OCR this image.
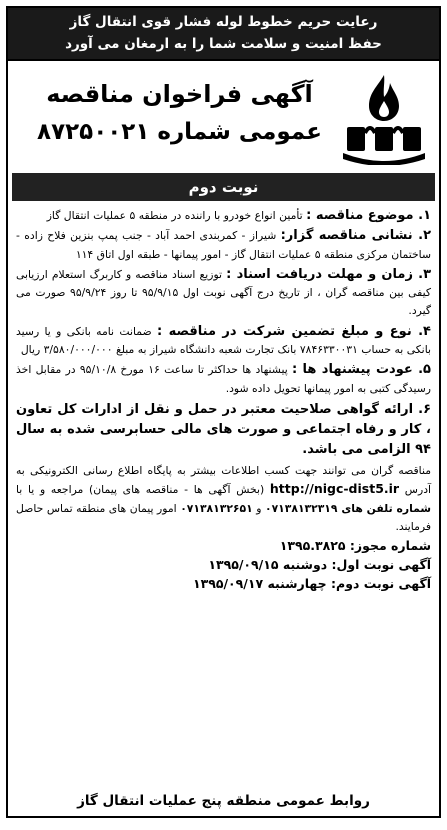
رعایت حریم خطوط لوله فشار قوی انتقال گاز
حفظ امنیت و سلامت شما را به ارمغان می آورد
آگهی فراخوان مناقصه
عمومی شماره ۸۷۲۵۰۰۲۱
نوبت دوم
۱. موضوع مناقصه : تأمین انواع خودرو با راننده در منطقه ۵ عملیات انتقال گاز
۲. نشانی مناقصه گزار: شیراز - کمربندی احمد آباد - جنب پمپ بنزین فلاح زاده - ساختمان مرکزی منطقه ۵ عملیات انتقال گاز - امور پیمانها - طبقه اول اتاق ۱۱۴
۳. زمان و مهلت دریافت اسناد : توزیع اسناد مناقصه و کاربرگ استعلام ارزیابی کیفی بین مناقصه گران ، از تاریخ درج آگهی نوبت اول ۹۵/۹/۱۵ تا روز ۹۵/۹/۲۴ صورت می گیرد.
۴. نوع و مبلغ تضمین شرکت در مناقصه : ضمانت نامه بانکی و یا رسید بانکی به حساب ۷۸۴۶۳۳۰۰۳۱ بانک تجارت شعبه دانشگاه شیراز به مبلغ ۳/۵۸۰/۰۰۰/۰۰۰ ریال
۵. عودت پیشنهاد ها : پیشنهاد ها حداکثر تا ساعت ۱۶ مورخ ۹۵/۱۰/۸ در مقابل اخذ رسیدگی کتبی به امور پیمانها تحویل داده شود.
۶. ارائه گواهی صلاحیت معتبر در حمل و نقل از ادارات کل تعاون ، کار و رفاه اجتماعی و صورت های مالی حسابرسی شده به سال ۹۴ الزامی می باشد.
مناقصه گران می توانند جهت کسب اطلاعات بیشتر به پایگاه اطلاع رسانی الکترونیکی به آدرس http://nigc-dist5.ir (بخش آگهی ها - مناقصه های پیمان) مراجعه و یا با شماره تلفن های ۰۷۱۳۸۱۳۲۳۱۹ و ۰۷۱۳۸۱۳۲۶۵۱ امور پیمان های منطقه تماس حاصل فرمایند.
شماره مجوز: ۱۳۹۵.۳۸۲۵
آگهی نوبت اول: دوشنبه ۱۳۹۵/۰۹/۱۵
آگهی نوبت دوم: چهارشنبه ۱۳۹۵/۰۹/۱۷
روابط عمومی منطقه پنج عملیات انتقال گاز
